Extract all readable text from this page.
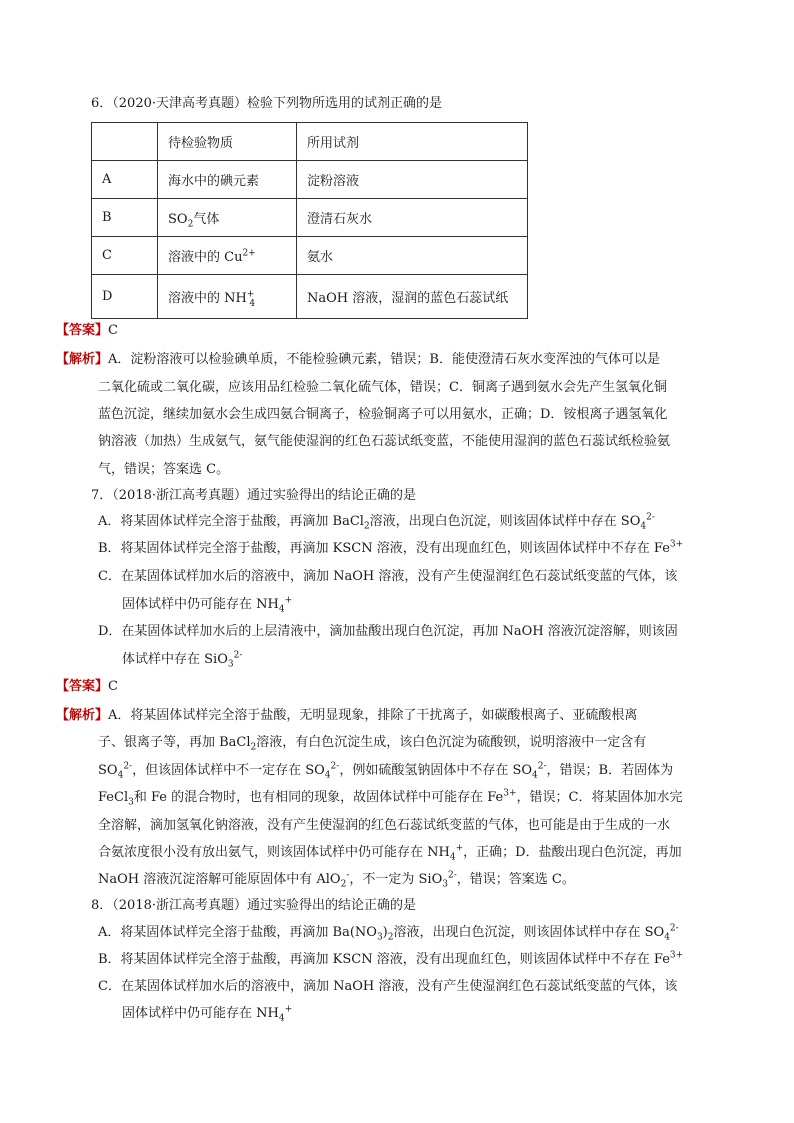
6．（2020·天津高考真题）检验下列物所选用的试剂正确的是
	待检验物质	所用试剂
A	海水中的碘元素	淀粉溶液
B	$SO_2$气体	澄清石灰水
C	溶液中的 $Cu^{2+}$	氨水
D	溶液中的 $NH^+_4$	NaOH 溶液，湿润的蓝色石蕊试纸
【答案】C
【解析】A．淀粉溶液可以检验碘单质，不能检验碘元素，错误；B．能使澄清石灰水变浑浊的气体可以是
二氧化硫或二氧化碳，应该用品红检验二氧化硫气体，错误；C．铜离子遇到氨水会先产生氢氧化铜
蓝色沉淀，继续加氨水会生成四氨合铜离子，检验铜离子可以用氨水，正确；D．铵根离子遇氢氧化
钠溶液（加热）生成氨气，氨气能使湿润的红色石蕊试纸变蓝，不能使用湿润的蓝色石蕊试纸检验氨
气，错误；答案选 C。
7．（2018·浙江高考真题）通过实验得出的结论正确的是
A．将某固体试样完全溶于盐酸，再滴加 BaCl$_2$溶液，出现白色沉淀，则该固体试样中存在 $SO_4^{2-}$
B．将某固体试样完全溶于盐酸，再滴加 KSCN 溶液，没有出现血红色，则该固体试样中不存在 $Fe^{3+}$
C．在某固体试样加水后的溶液中，滴加 NaOH 溶液，没有产生使湿润红色石蕊试纸变蓝的气体，该
固体试样中仍可能存在 $NH_4^+$
D．在某固体试样加水后的上层清液中，滴加盐酸出现白色沉淀，再加 NaOH 溶液沉淀溶解，则该固
体试样中存在 SiO$_3^{2-}$
【答案】C
【解析】A．将某固体试样完全溶于盐酸，无明显现象，排除了干扰离子，如碳酸根离子、亚硫酸根离
子、银离子等，再加 BaCl$_2$溶液，有白色沉淀生成，该白色沉淀为硫酸钡，说明溶液中一定含有
$SO_4^{2-}$，但该固体试样中不一定存在 $SO_4^{2-}$，例如硫酸氢钠固体中不存在 $SO_4^{2-}$，错误；B．若固体为
FeCl$_3$和 Fe 的混合物时，也有相同的现象，故固体试样中可能存在 $Fe^{3+}$，错误；C．将某固体加水完
全溶解，滴加氢氧化钠溶液，没有产生使湿润的红色石蕊试纸变蓝的气体，也可能是由于生成的一水
合氨浓度很小没有放出氨气，则该固体试样中仍可能存在 $NH_4^+$，正确；D．盐酸出现白色沉淀，再加
NaOH 溶液沉淀溶解可能原固体中有 AlO$_2$-，不一定为 SiO$_3^{2-}$，错误；答案选 C。
8．（2018·浙江高考真题）通过实验得出的结论正确的是
A．将某固体试样完全溶于盐酸，再滴加 $Ba(NO_3)_2$溶液，出现白色沉淀，则该固体试样中存在 $SO_4^{2-}$
B．将某固体试样完全溶于盐酸，再滴加 KSCN 溶液，没有出现血红色，则该固体试样中不存在 $Fe^{3+}$
C．在某固体试样加水后的溶液中，滴加 NaOH 溶液，没有产生使湿润红色石蕊试纸变蓝的气体，该
固体试样中仍可能存在 $NH_4^+$
